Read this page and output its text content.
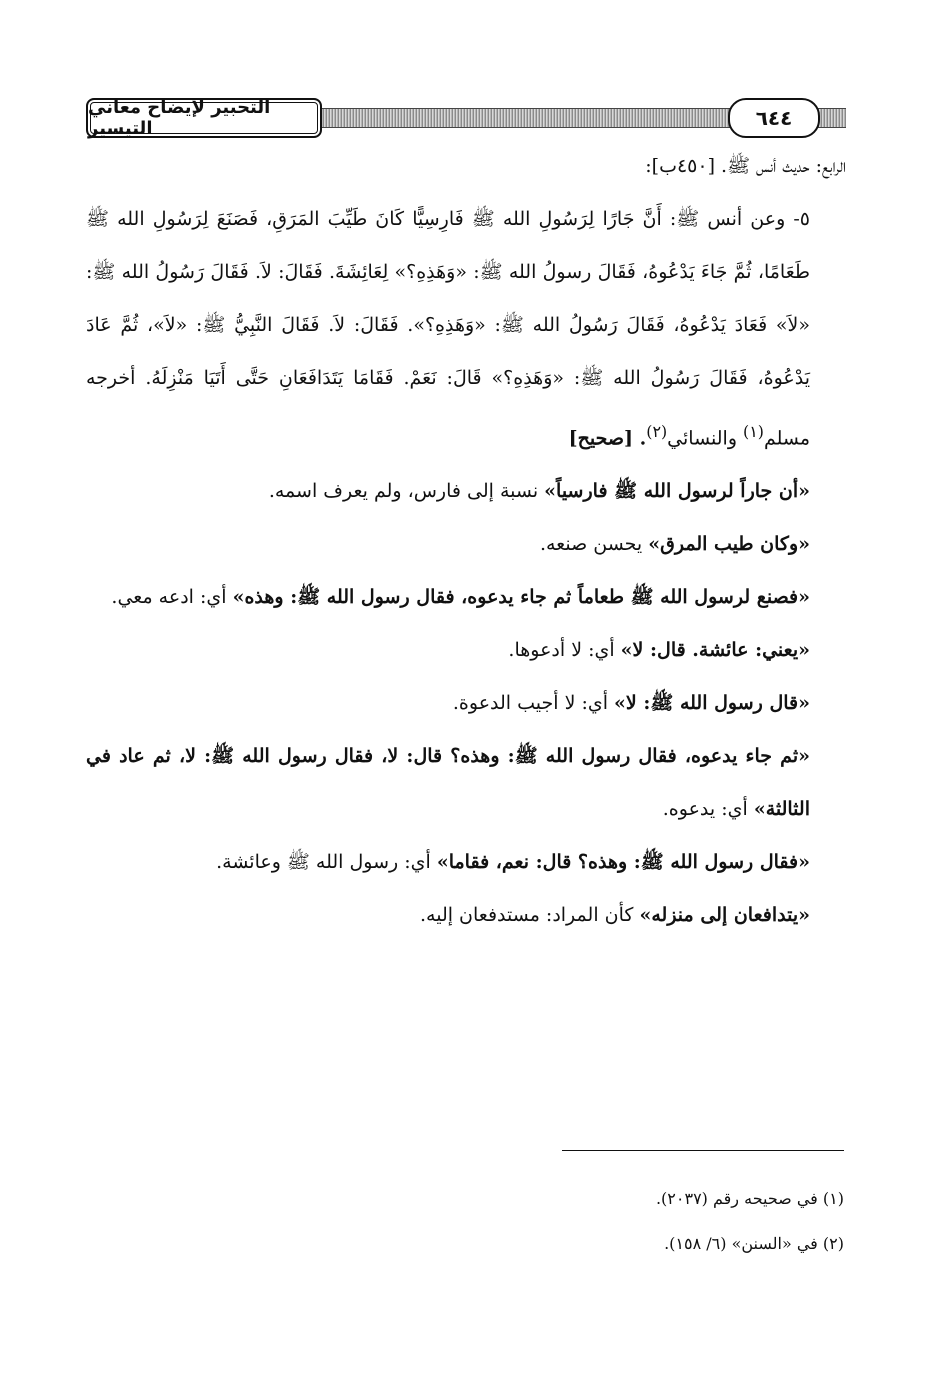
التحبير لإيضاح معاني التيسير	٦٤٤

الرابع: حديث أنس ﷺ. [٤٥٠ب]:

٥- وعن أنس ﷺ: أَنَّ جَارًا لِرَسُولِ الله ﷺ فَارِسِيًّا كَانَ طَيِّبَ المَرَقِ، فَصَنَعَ لِرَسُولِ الله ﷺ طَعَامًا، ثُمَّ جَاءَ يَدْعُوهُ، فَقَالَ رسولُ الله ﷺ: «وَهَذِهِ؟» لِعَائِشَةَ. فَقَالَ: لاَ. فَقَالَ رَسُولُ الله ﷺ: «لاَ» فَعَادَ يَدْعُوهُ، فَقَالَ رَسُولُ الله ﷺ: «وَهَذِهِ؟». فَقَالَ: لاَ. فَقَالَ النَّبِيُّ ﷺ: «لاَ»، ثُمَّ عَادَ يَدْعُوهُ، فَقَالَ رَسُولُ الله ﷺ: «وَهَذِهِ؟» قَالَ: نَعَمْ. فَقَامَا يَتَدَافَعَانِ حَتَّى أَتَيَا مَنْزِلَهُ. أخرجه مسلم$^{(١)}$ والنسائي$^{(٢)}$. [صحيح]

«أن جاراً لرسول الله ﷺ فارسياً» نسبة إلى فارس، ولم يعرف اسمه.

«وكان طيب المرق» يحسن صنعه.

«فصنع لرسول الله ﷺ طعاماً ثم جاء يدعوه، فقال رسول الله ﷺ: وهذه» أي: ادعه معي.

«يعني: عائشة. قال: لا» أي: لا أدعوها.

«قال رسول الله ﷺ: لا» أي: لا أجيب الدعوة.

«ثم جاء يدعوه، فقال رسول الله ﷺ: وهذه؟ قال: لا، فقال رسول الله ﷺ: لا، ثم عاد في الثالثة» أي: يدعوه.

«فقال رسول الله ﷺ: وهذه؟ قال: نعم، فقاما» أي: رسول الله ﷺ وعائشة.

«يتدافعان إلى منزله» كأن المراد: مستدفعان إليه.

(١) في صحيحه رقم (٢٠٣٧).

(٢) في «السنن» (٦/ ١٥٨).
